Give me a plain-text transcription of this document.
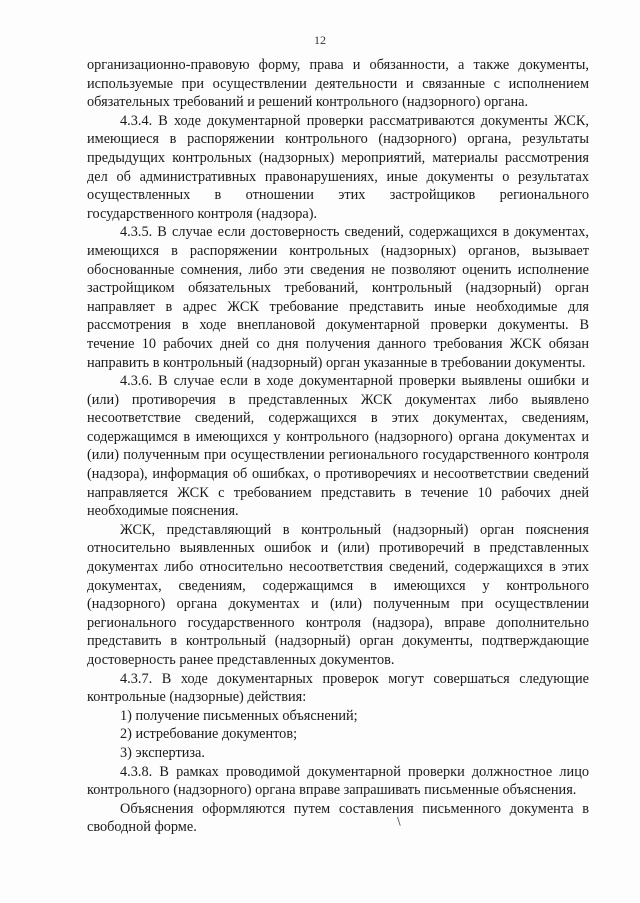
12

организационно-правовую форму, права и обязанности, а также документы, используемые при осуществлении деятельности и связанные с исполнением обязательных требований и решений контрольного (надзорного) органа.

4.3.4. В ходе документарной проверки рассматриваются документы ЖСК, имеющиеся в распоряжении контрольного (надзорного) органа, результаты предыдущих контрольных (надзорных) мероприятий, материалы рассмотрения дел об административных правонарушениях, иные документы о результатах осуществленных в отношении этих застройщиков регионального государственного контроля (надзора).

4.3.5. В случае если достоверность сведений, содержащихся в документах, имеющихся в распоряжении контрольных (надзорных) органов, вызывает обоснованные сомнения, либо эти сведения не позволяют оценить исполнение застройщиком обязательных требований, контрольный (надзорный) орган направляет в адрес ЖСК требование представить иные необходимые для рассмотрения в ходе внеплановой документарной проверки документы. В течение 10 рабочих дней со дня получения данного требования ЖСК обязан направить в контрольный (надзорный) орган указанные в требовании документы.

4.3.6. В случае если в ходе документарной проверки выявлены ошибки и (или) противоречия в представленных ЖСК документах либо выявлено несоответствие сведений, содержащихся в этих документах, сведениям, содержащимся в имеющихся у контрольного (надзорного) органа документах и (или) полученным при осуществлении регионального государственного контроля (надзора), информация об ошибках, о противоречиях и несоответствии сведений направляется ЖСК с требованием представить в течение 10 рабочих дней необходимые пояснения.

ЖСК, представляющий в контрольный (надзорный) орган пояснения относительно выявленных ошибок и (или) противоречий в представленных документах либо относительно несоответствия сведений, содержащихся в этих документах, сведениям, содержащимся в имеющихся у контрольного (надзорного) органа документах и (или) полученным при осуществлении регионального государственного контроля (надзора), вправе дополнительно представить в контрольный (надзорный) орган документы, подтверждающие достоверность ранее представленных документов.

4.3.7. В ходе документарных проверок могут совершаться следующие контрольные (надзорные) действия:

1) получение письменных объяснений;

2) истребование документов;

3) экспертиза.

4.3.8. В рамках проводимой документарной проверки должностное лицо контрольного (надзорного) органа вправе запрашивать письменные объяснения.

Объяснения оформляются путем составления письменного документа в свободной форме.	\
